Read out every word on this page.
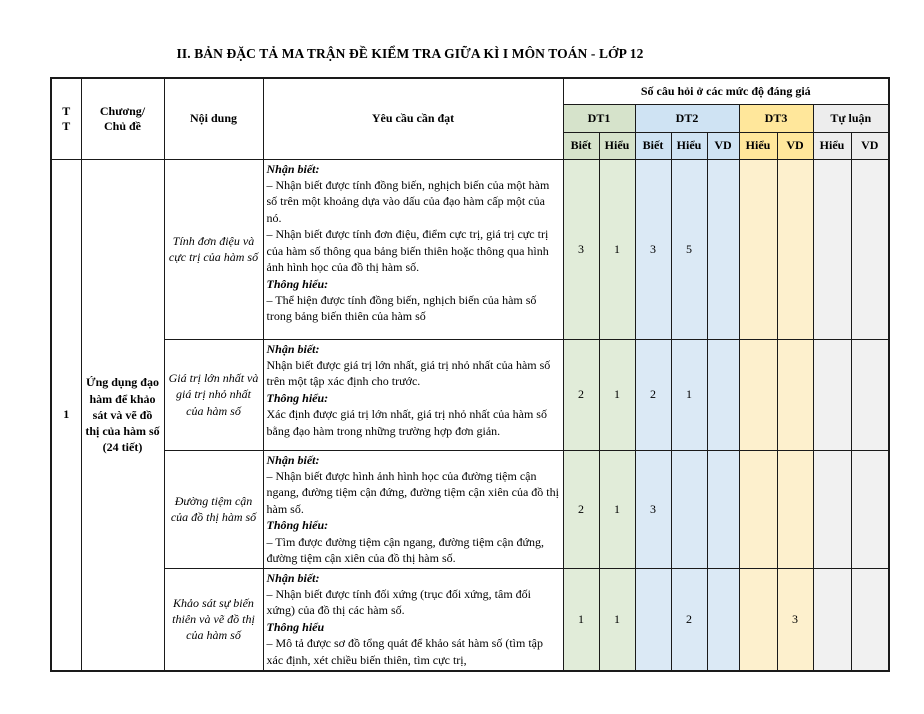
II. BẢN ĐẶC TẢ MA TRẬN ĐỀ KIỂM TRA GIỮA KÌ I MÔN TOÁN - LỚP 12
T
T	Chương/
Chủ đề	Nội dung	Yêu cầu cần đạt	Số câu hỏi ở các mức độ đáng giá								
				DT1		DT2			DT3		Tự luận	
				Biết	Hiểu	Biết	Hiểu	VD	Hiểu	VD	Hiểu	VD
1	Ứng dụng đạo hàm để khảo sát và vẽ đồ thị của hàm số (24 tiết)	Tính đơn điệu và cực trị của hàm số	Nhận biết:
– Nhận biết được tính đồng biến, nghịch biến của một hàm số trên một khoảng dựa vào dấu của đạo hàm cấp một của nó.
– Nhận biết được tính đơn điệu, điểm cực trị, giá trị cực trị của hàm số thông qua bảng biến thiên hoặc thông qua hình ảnh hình học của đồ thị hàm số.
Thông hiểu:
– Thể hiện được tính đồng biến, nghịch biến của hàm số trong bảng biến thiên của hàm số	3	1	3	5					
		Giá trị lớn nhất và giá trị nhỏ nhất của hàm số	Nhận biết:
Nhận biết được giá trị lớn nhất, giá trị nhỏ nhất của hàm số trên một tập xác định cho trước.
Thông hiểu:
Xác định được giá trị lớn nhất, giá trị nhỏ nhất của hàm số bằng đạo hàm trong những trường hợp đơn giản.	2	1	2	1					
		Đường tiệm cận của đồ thị hàm số	Nhận biết:
– Nhận biết được hình ảnh hình học của đường tiệm cận ngang, đường tiệm cận đứng, đường tiệm cận xiên của đồ thị hàm số.
Thông hiểu:
– Tìm được đường tiệm cận ngang, đường tiệm cận đứng, đường tiệm cận xiên của đồ thị hàm số.	2	1	3						
		Khảo sát sự biến thiên và vẽ đồ thị của hàm số	Nhận biết:
– Nhận biết được tính đối xứng (trục đối xứng, tâm đối xứng) của đồ thị các hàm số.
Thông hiểu
– Mô tả được sơ đồ tổng quát để khảo sát hàm số (tìm tập xác định, xét chiều biến thiên, tìm cực trị,	1	1		2			3		
